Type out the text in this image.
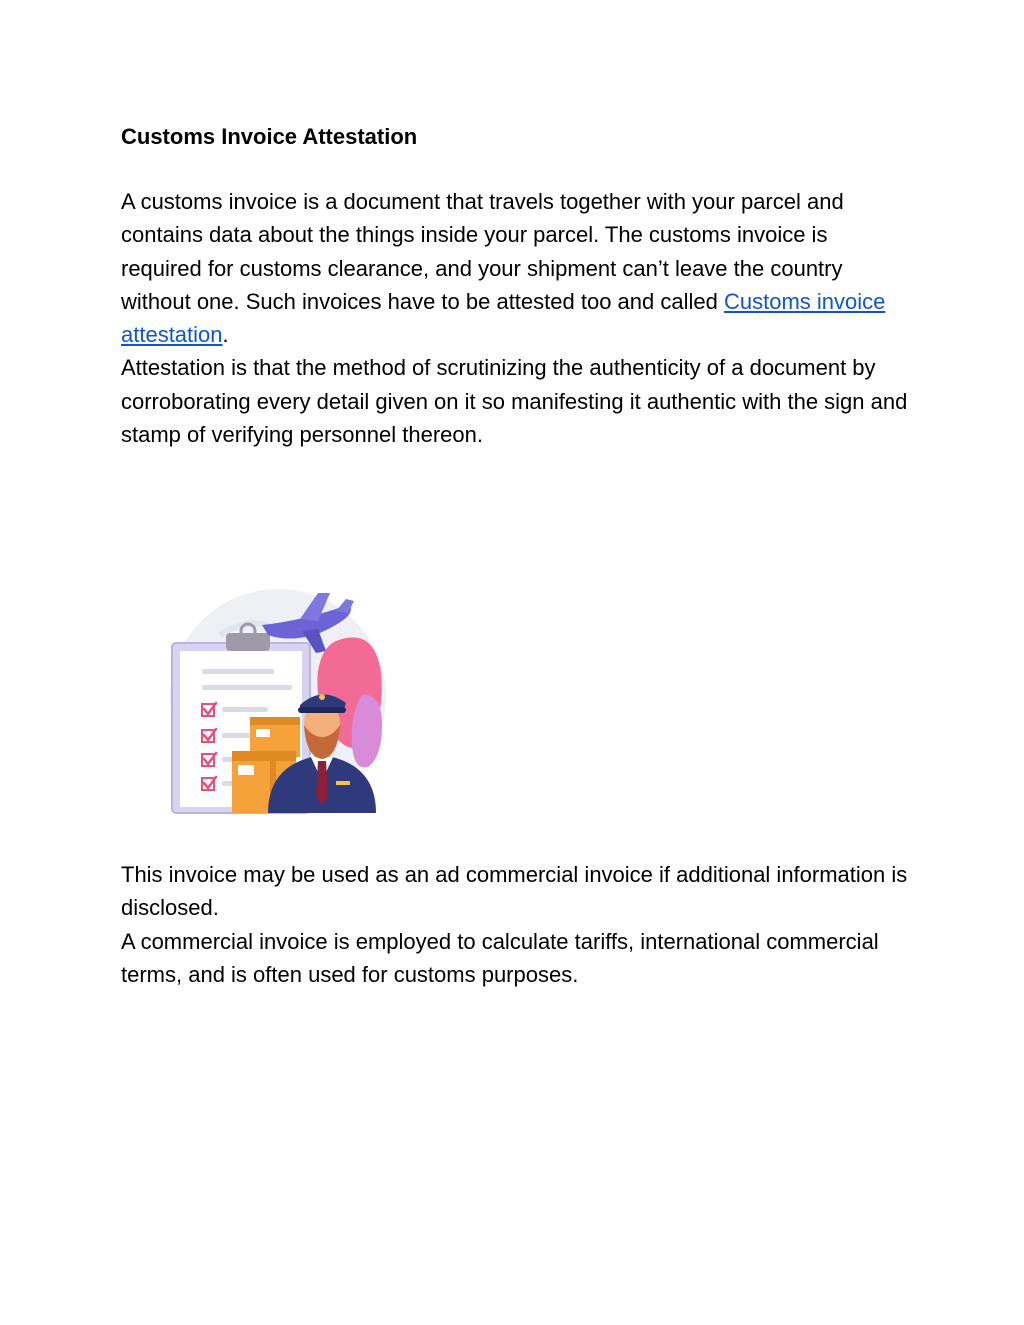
Customs Invoice Attestation

A customs invoice is a document that travels together with your parcel and contains data about the things inside your parcel. The customs invoice is required for customs clearance, and your shipment can’t leave the country without one. Such invoices have to be attested too and called Customs invoice attestation.

Attestation is that the method of scrutinizing the authenticity of a document by corroborating every detail given on it so manifesting it authentic with the sign and stamp of verifying personnel thereon.

This invoice may be used as an ad commercial invoice if additional information is disclosed.

A commercial invoice is employed to calculate tariffs, international commercial terms, and is often used for customs purposes.
